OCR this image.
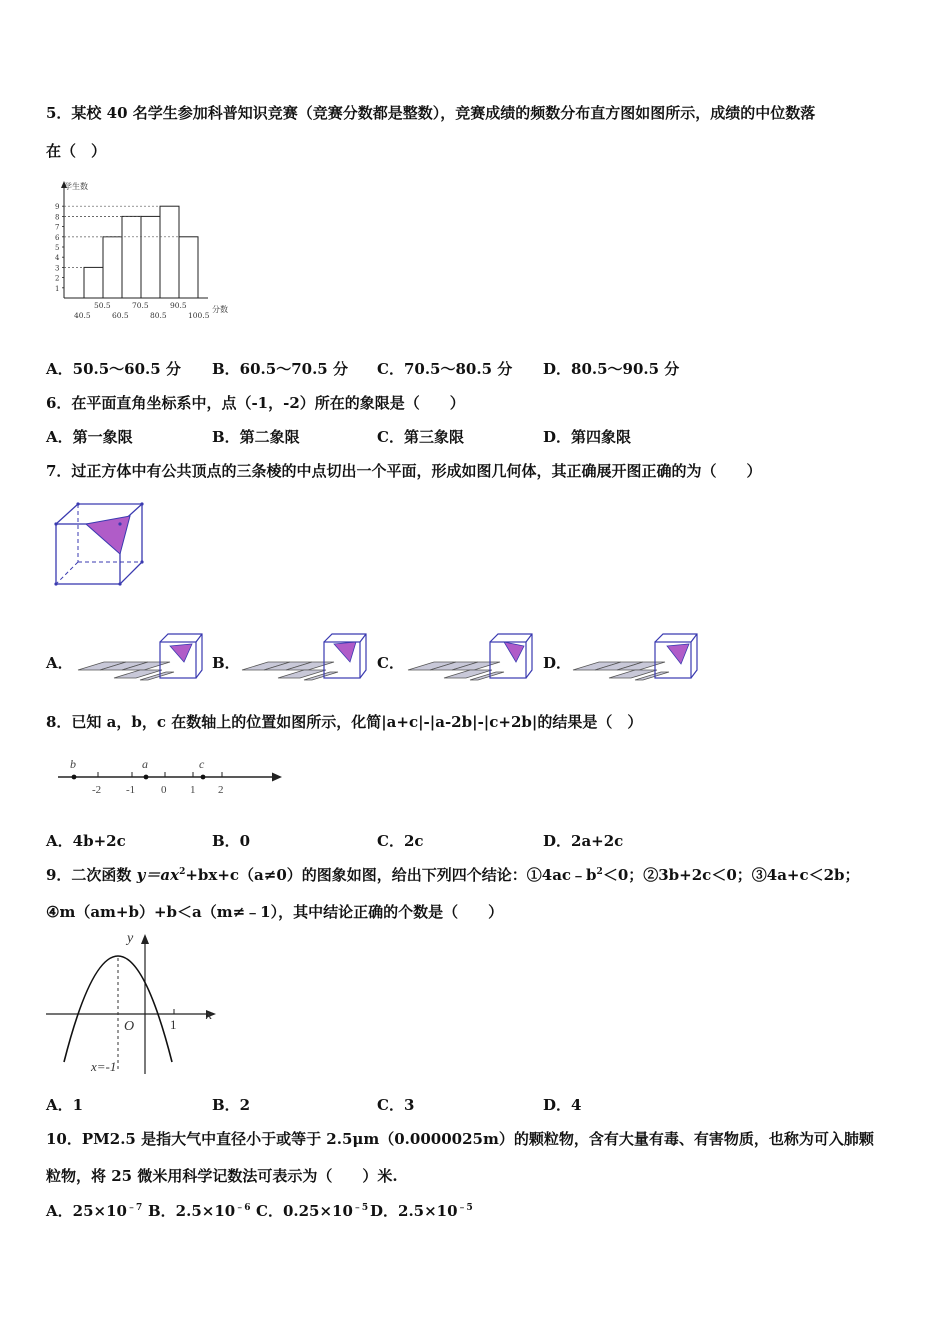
5．某校 40 名学生参加科普知识竞赛（竞赛分数都是整数），竞赛成绩的频数分布直方图如图所示，成绩的中位数落
在（　）
1
2
3
4
5
6
7
8
9
50.5	70.5	90.5
40.5	60.5	80.5	100.5
学生数
分数
A．50.5～60.5 分 B．60.5～70.5 分 C．70.5～80.5 分 D．80.5～90.5 分
6．在平面直角坐标系中，点（-1，-2）所在的象限是（　　）
A．第一象限	B．第二象限	C．第三象限	D．第四象限
7．过正方体中有公共顶点的三条棱的中点切出一个平面，形成如图几何体，其正确展开图正确的为（　　）
A．	B．	C．	D．
8．已知 a，b，c 在数轴上的位置如图所示，化简|a+c|-|a-2b|-|c+2b|的结果是（　）
-2 -1 0 1 2
b	a	c
A．4b+2c	B．0	C．2c	D．2a+2c
9．二次函数 $y=ax^2+bx+c(a\ne 0)$的图象如图，给出下列四个结论：$①4ac﹣b^2<0$；②3b+2c＜0；③4a+c＜2b；
④m（am+b）+b＜a（m≠﹣1），其中结论正确的个数是（　　）
y
x
O
x=-1
1
A．1	B．2	C．3	D．4
10．PM2.5 是指大气中直径小于或等于 2.5μm（0.0000025m）的颗粒物，含有大量有毒、有害物质，也称为可入肺颗
粒物，将 25 微米用科学记数法可表示为（　　）米.
A．$25\times 10^{﹣7}$ B．$2.5\times 10^{﹣6}$ C．$0.25\times 10^{﹣5}$ D．$2.5\times 10^{﹣5}$
